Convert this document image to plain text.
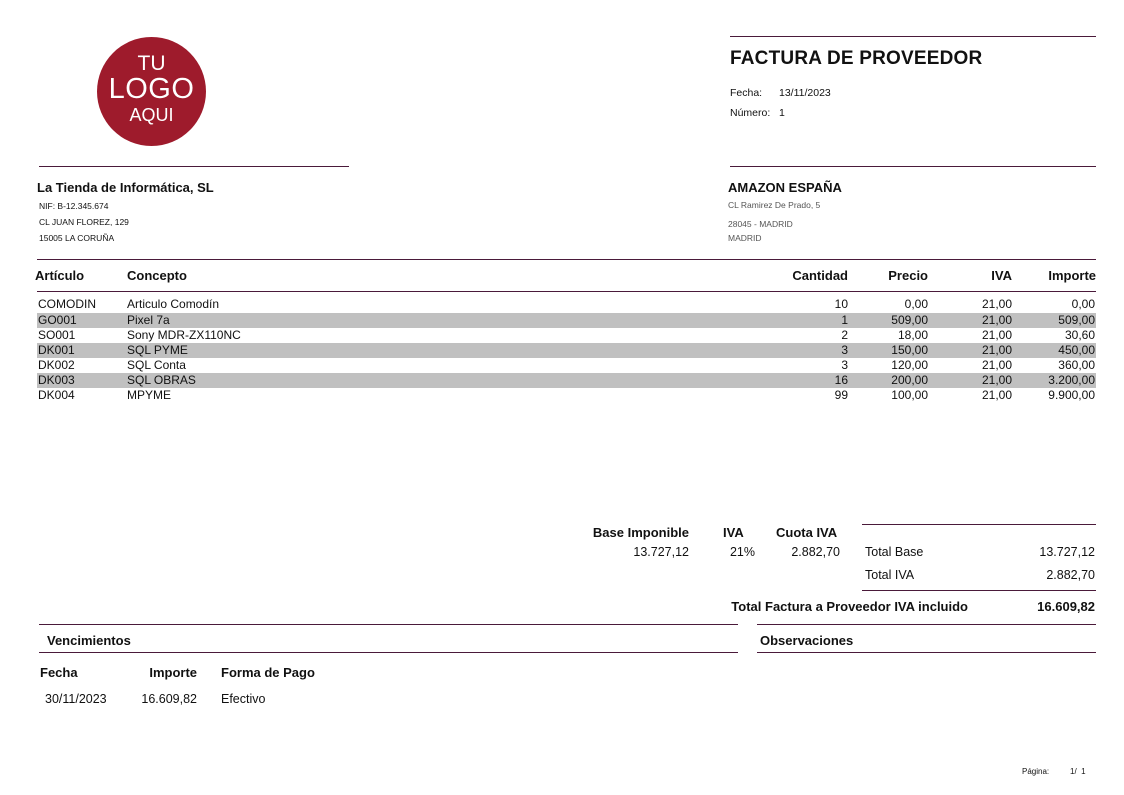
TU
LOGO
AQUI
FACTURA DE PROVEEDOR
Fecha: 13/11/2023
Número: 1
La Tienda de Informática, SL
NIF: B-12.345.674
CL JUAN FLOREZ, 129
15005 LA CORUÑA
AMAZON ESPAÑA
CL Ramirez De Prado, 5
28045 - MADRID
MADRID
Artículo	Concepto	Cantidad	Precio	IVA	Importe
COMODIN	Articulo Comodín	10	0,00	21,00	0,00
GO001	Pixel 7a	1	509,00	21,00	509,00
SO001	Sony MDR-ZX110NC	2	18,00	21,00	30,60
DK001	SQL PYME	3	150,00	21,00	450,00
DK002	SQL Conta	3	120,00	21,00	360,00
DK003	SQL OBRAS	16	200,00	21,00	3.200,00
DK004	MPYME	99	100,00	21,00	9.900,00
Base Imponible	IVA Cuota IVA
13.727,12	21%	2.882,70 Total Base	13.727,12
Total IVA	2.882,70
Total Factura a Proveedor IVA incluido	16.609,82
Vencimientos
Fecha	Importe Forma de Pago
30/11/2023	16.609,82 Efectivo
Observaciones
Página:	1/  1
